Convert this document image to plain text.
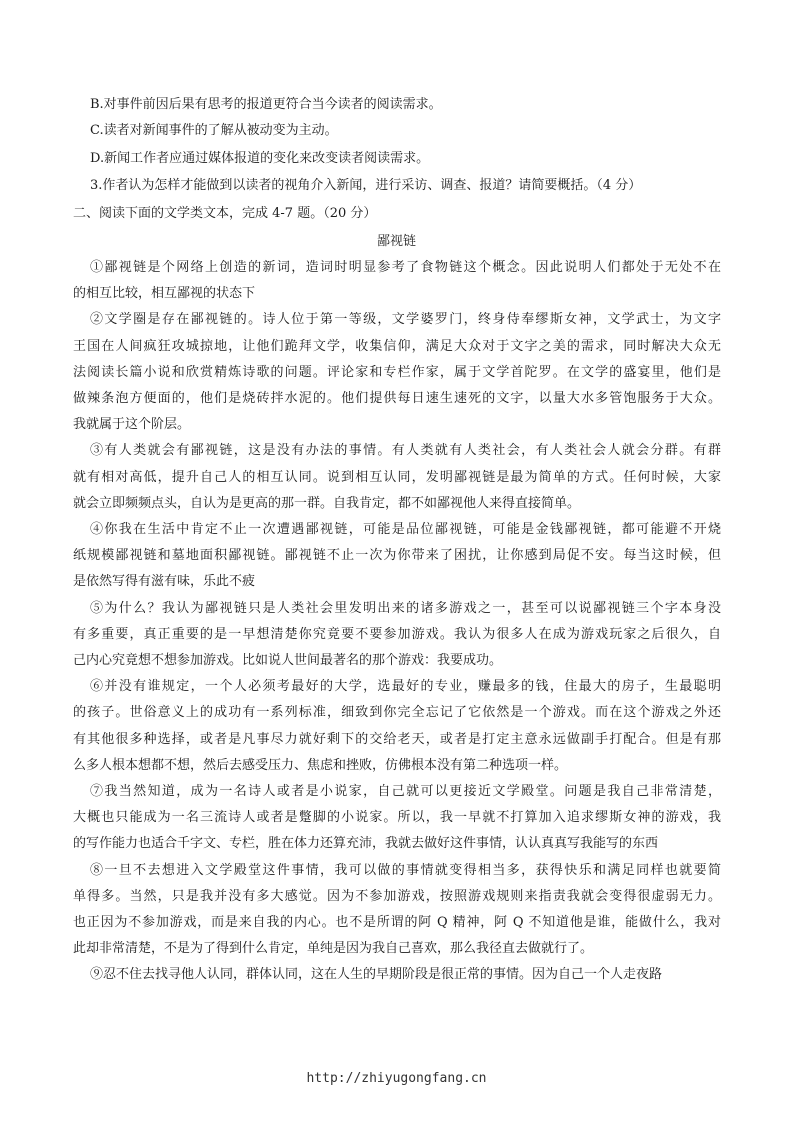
B.对事件前因后果有思考的报道更符合当今读者的阅读需求。
C.读者对新闻事件的了解从被动变为主动。
D.新闻工作者应通过媒体报道的变化来改变读者阅读需求。
3.作者认为怎样才能做到以读者的视角介入新闻，进行采访、调查、报道？请简要概括。（4 分）
二、阅读下面的文学类文本，完成 4-7 题。（20 分）
鄙视链
①鄙视链是个网络上创造的新词，造词时明显参考了食物链这个概念。因此说明人们都处于无处不在
的相互比较，相互鄙视的状态下
②文学圈是存在鄙视链的。诗人位于第一等级，文学婆罗门，终身侍奉缪斯女神，文学武士，为文字
王国在人间疯狂攻城掠地，让他们跪拜文学，收集信仰，满足大众对于文字之美的需求，同时解决大众无
法阅读长篇小说和欣赏精炼诗歌的问题。评论家和专栏作家，属于文学首陀罗。在文学的盛宴里，他们是
做辣条泡方便面的，他们是烧砖拌水泥的。他们提供每日速生速死的文字，以量大水多管饱服务于大众。
我就属于这个阶层。
③有人类就会有鄙视链，这是没有办法的事情。有人类就有人类社会，有人类社会人就会分群。有群
就有相对高低，提升自己人的相互认同。说到相互认同，发明鄙视链是最为简单的方式。任何时候，大家
就会立即频频点头，自认为是更高的那一群。自我肯定，都不如鄙视他人来得直接简单。
④你我在生活中肯定不止一次遭遇鄙视链，可能是品位鄙视链，可能是金钱鄙视链，都可能避不开烧
纸规模鄙视链和墓地面积鄙视链。鄙视链不止一次为你带来了困扰，让你感到局促不安。每当这时候，但
是依然写得有滋有味，乐此不疲
⑤为什么？我认为鄙视链只是人类社会里发明出来的诸多游戏之一，甚至可以说鄙视链三个字本身没
有多重要，真正重要的是一早想清楚你究竟要不要参加游戏。我认为很多人在成为游戏玩家之后很久，自
己内心究竟想不想参加游戏。比如说人世间最著名的那个游戏：我要成功。
⑥并没有谁规定，一个人必须考最好的大学，选最好的专业，赚最多的钱，住最大的房子，生最聪明
的孩子。世俗意义上的成功有一系列标准，细致到你完全忘记了它依然是一个游戏。而在这个游戏之外还
有其他很多种选择，或者是凡事尽力就好剩下的交给老天，或者是打定主意永远做副手打配合。但是有那
么多人根本想都不想，然后去感受压力、焦虑和挫败，仿佛根本没有第二种选项一样。
⑦我当然知道，成为一名诗人或者是小说家，自己就可以更接近文学殿堂。问题是我自己非常清楚，
大概也只能成为一名三流诗人或者是蹩脚的小说家。所以，我一早就不打算加入追求缪斯女神的游戏，我
的写作能力也适合千字文、专栏，胜在体力还算充沛，我就去做好这件事情，认认真真写我能写的东西
⑧一旦不去想进入文学殿堂这件事情，我可以做的事情就变得相当多，获得快乐和满足同样也就要简
单得多。当然，只是我并没有多大感觉。因为不参加游戏，按照游戏规则来指责我就会变得很虚弱无力。
也正因为不参加游戏，而是来自我的内心。也不是所谓的阿 Q 精神，阿 Q 不知道他是谁，能做什么，我对
此却非常清楚，不是为了得到什么肯定，单纯是因为我自己喜欢，那么我径直去做就行了。
⑨忍不住去找寻他人认同，群体认同，这在人生的早期阶段是很正常的事情。因为自己一个人走夜路
http://zhiyugongfang.cn
